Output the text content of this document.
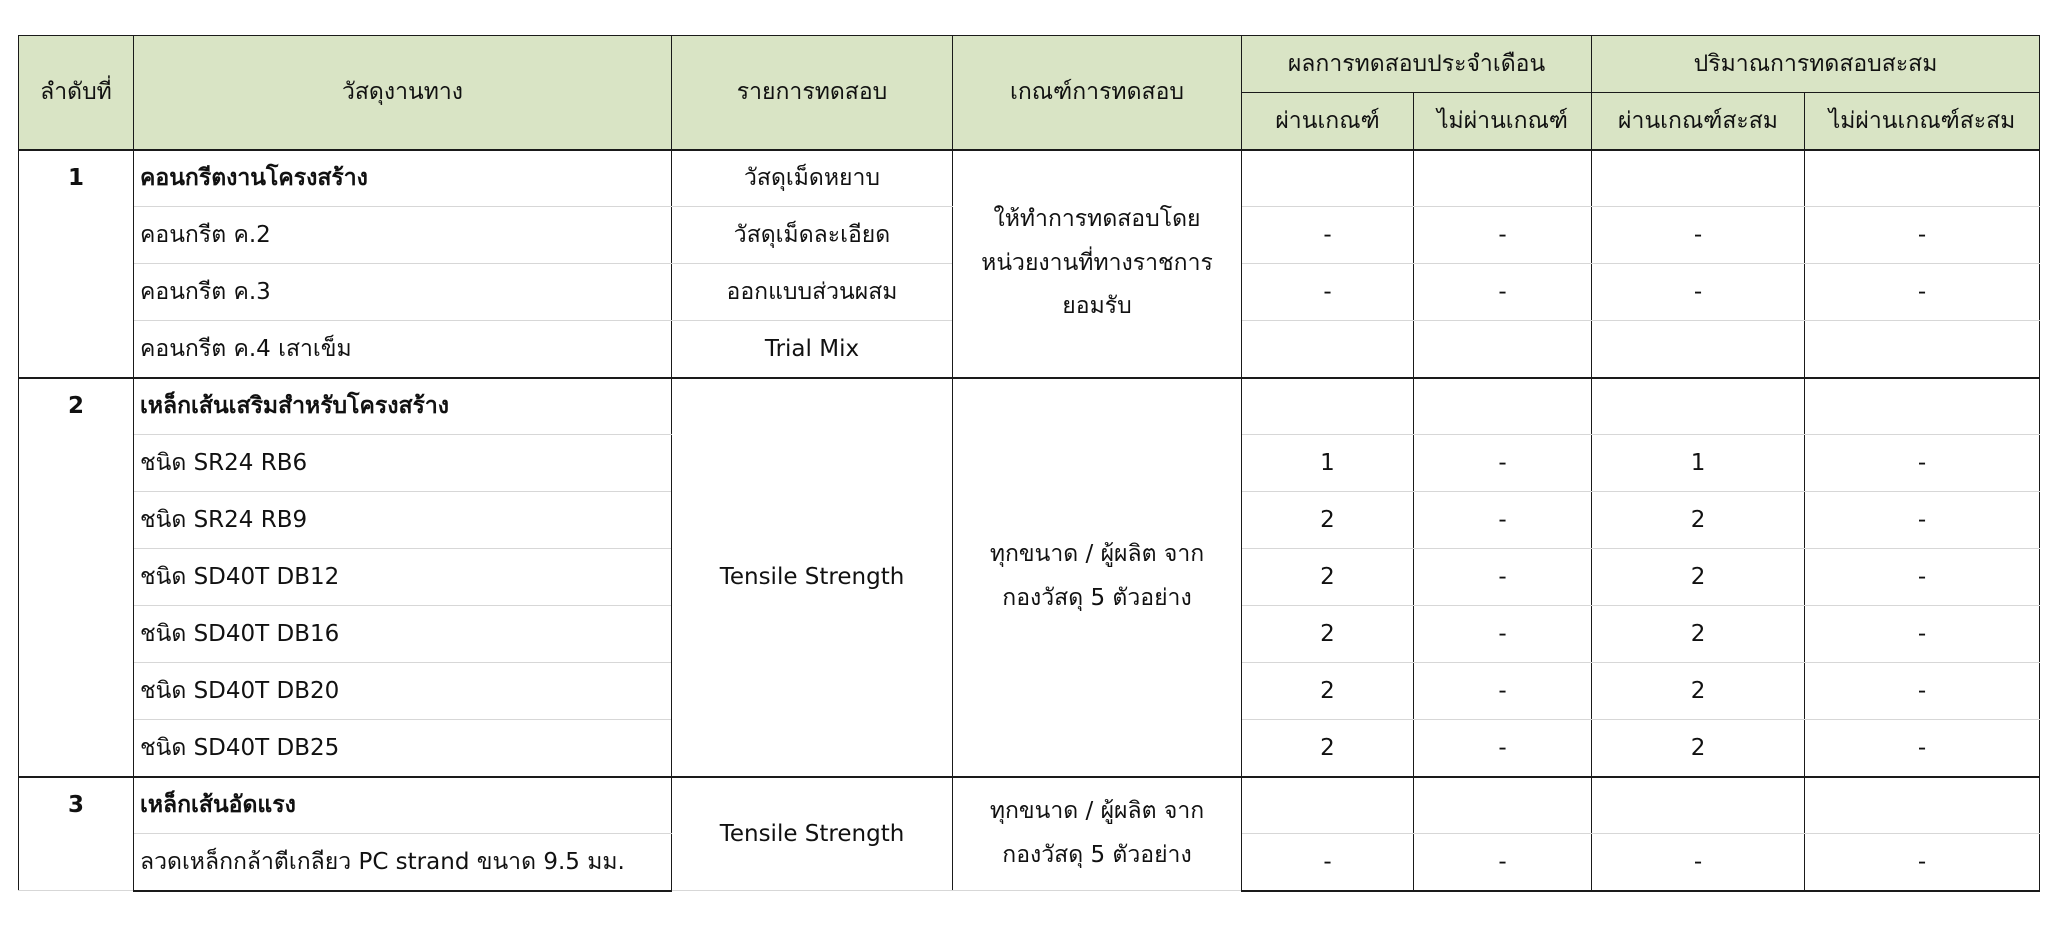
ลำดับที่	วัสดุงานทาง	รายการทดสอบ	เกณฑ์การทดสอบ	ผลการทดสอบประจำเดือน		ปริมาณการทดสอบสะสม	
				ผ่านเกณฑ์	ไม่ผ่านเกณฑ์	ผ่านเกณฑ์สะสม	ไม่ผ่านเกณฑ์สะสม
1	คอนกรีตงานโครงสร้าง	วัสดุเม็ดหยาบ	ให้ทำการทดสอบโดย
หน่วยงานที่ทางราชการ
ยอมรับ				

	คอนกรีต ค.2	วัสดุเม็ดละเอียด		-	-	-	-
	คอนกรีต ค.3	ออกแบบส่วนผสม		-	-	-	-
	คอนกรีต ค.4 เสาเข็ม	Trial Mix					
2	เหล็กเส้นเสริมสำหรับโครงสร้าง	Tensile Strength	ทุกขนาด / ผู้ผลิต จาก
กองวัสดุ 5 ตัวอย่าง				

	ชนิด SR24 RB6			1	-	1	-
	ชนิด SR24 RB9			2	-	2	-
	ชนิด SD40T DB12			2	-	2	-
	ชนิด SD40T DB16			2	-	2	-
	ชนิด SD40T DB20			2	-	2	-
	ชนิด SD40T DB25			2	-	2	-
3	เหล็กเส้นอัดแรง	Tensile Strength	ทุกขนาด / ผู้ผลิต จาก
กองวัสดุ 5 ตัวอย่าง				

	ลวดเหล็กกล้าตีเกลียว PC strand ขนาด 9.5 มม.			-	-	-	-
